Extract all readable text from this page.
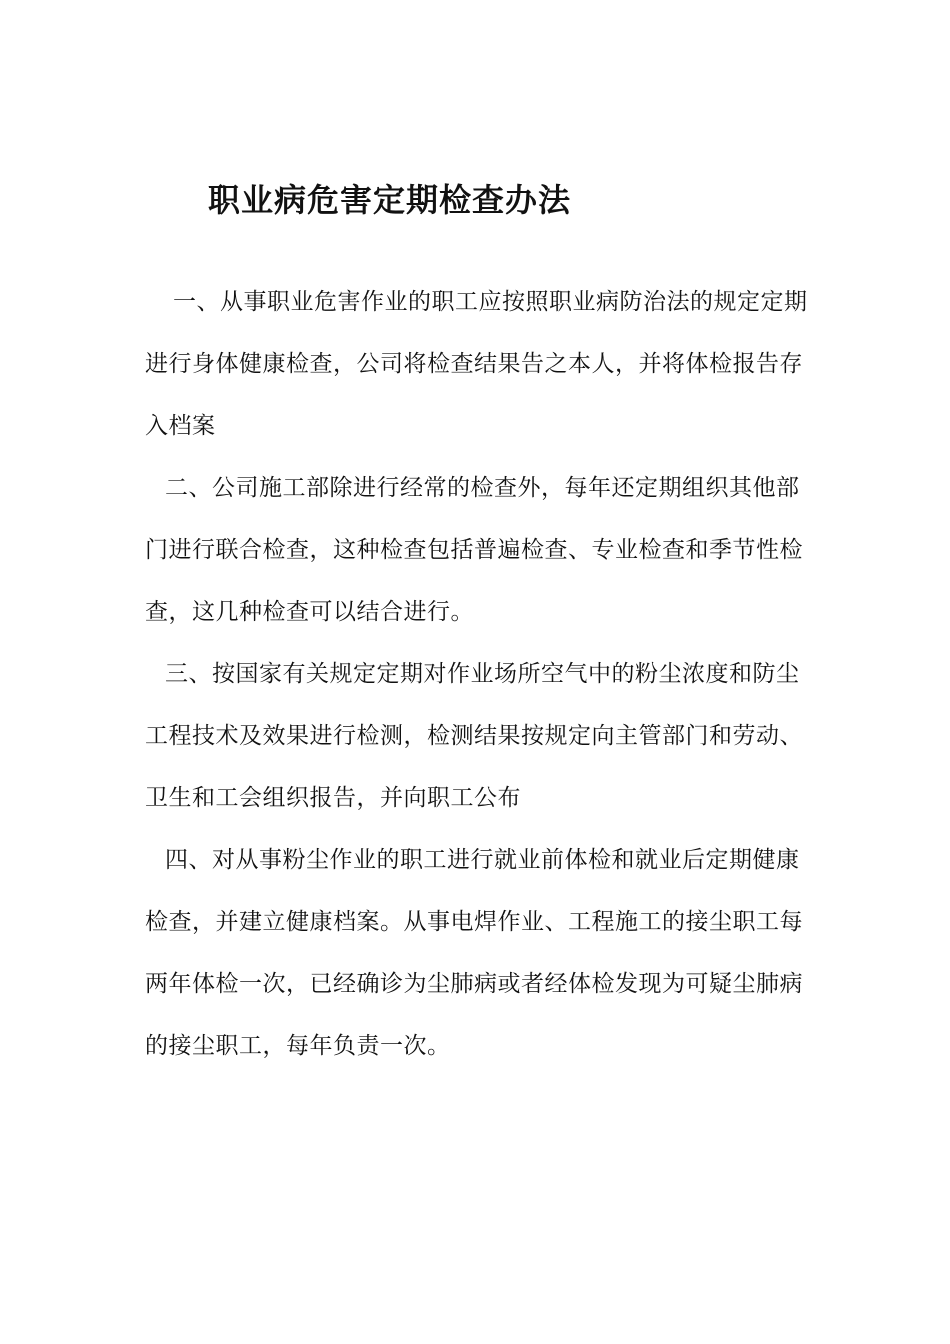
职业病危害定期检查办法

一、从事职业危害作业的职工应按照职业病防治法的规定定期进行身体健康检查，公司将检查结果告之本人，并将体检报告存入档案

二、公司施工部除进行经常的检查外，每年还定期组织其他部门进行联合检查，这种检查包括普遍检查、专业检查和季节性检查，这几种检查可以结合进行。

三、按国家有关规定定期对作业场所空气中的粉尘浓度和防尘工程技术及效果进行检测，检测结果按规定向主管部门和劳动、卫生和工会组织报告，并向职工公布

四、对从事粉尘作业的职工进行就业前体检和就业后定期健康检查，并建立健康档案。从事电焊作业、工程施工的接尘职工每两年体检一次，已经确诊为尘肺病或者经体检发现为可疑尘肺病的接尘职工，每年负责一次。
